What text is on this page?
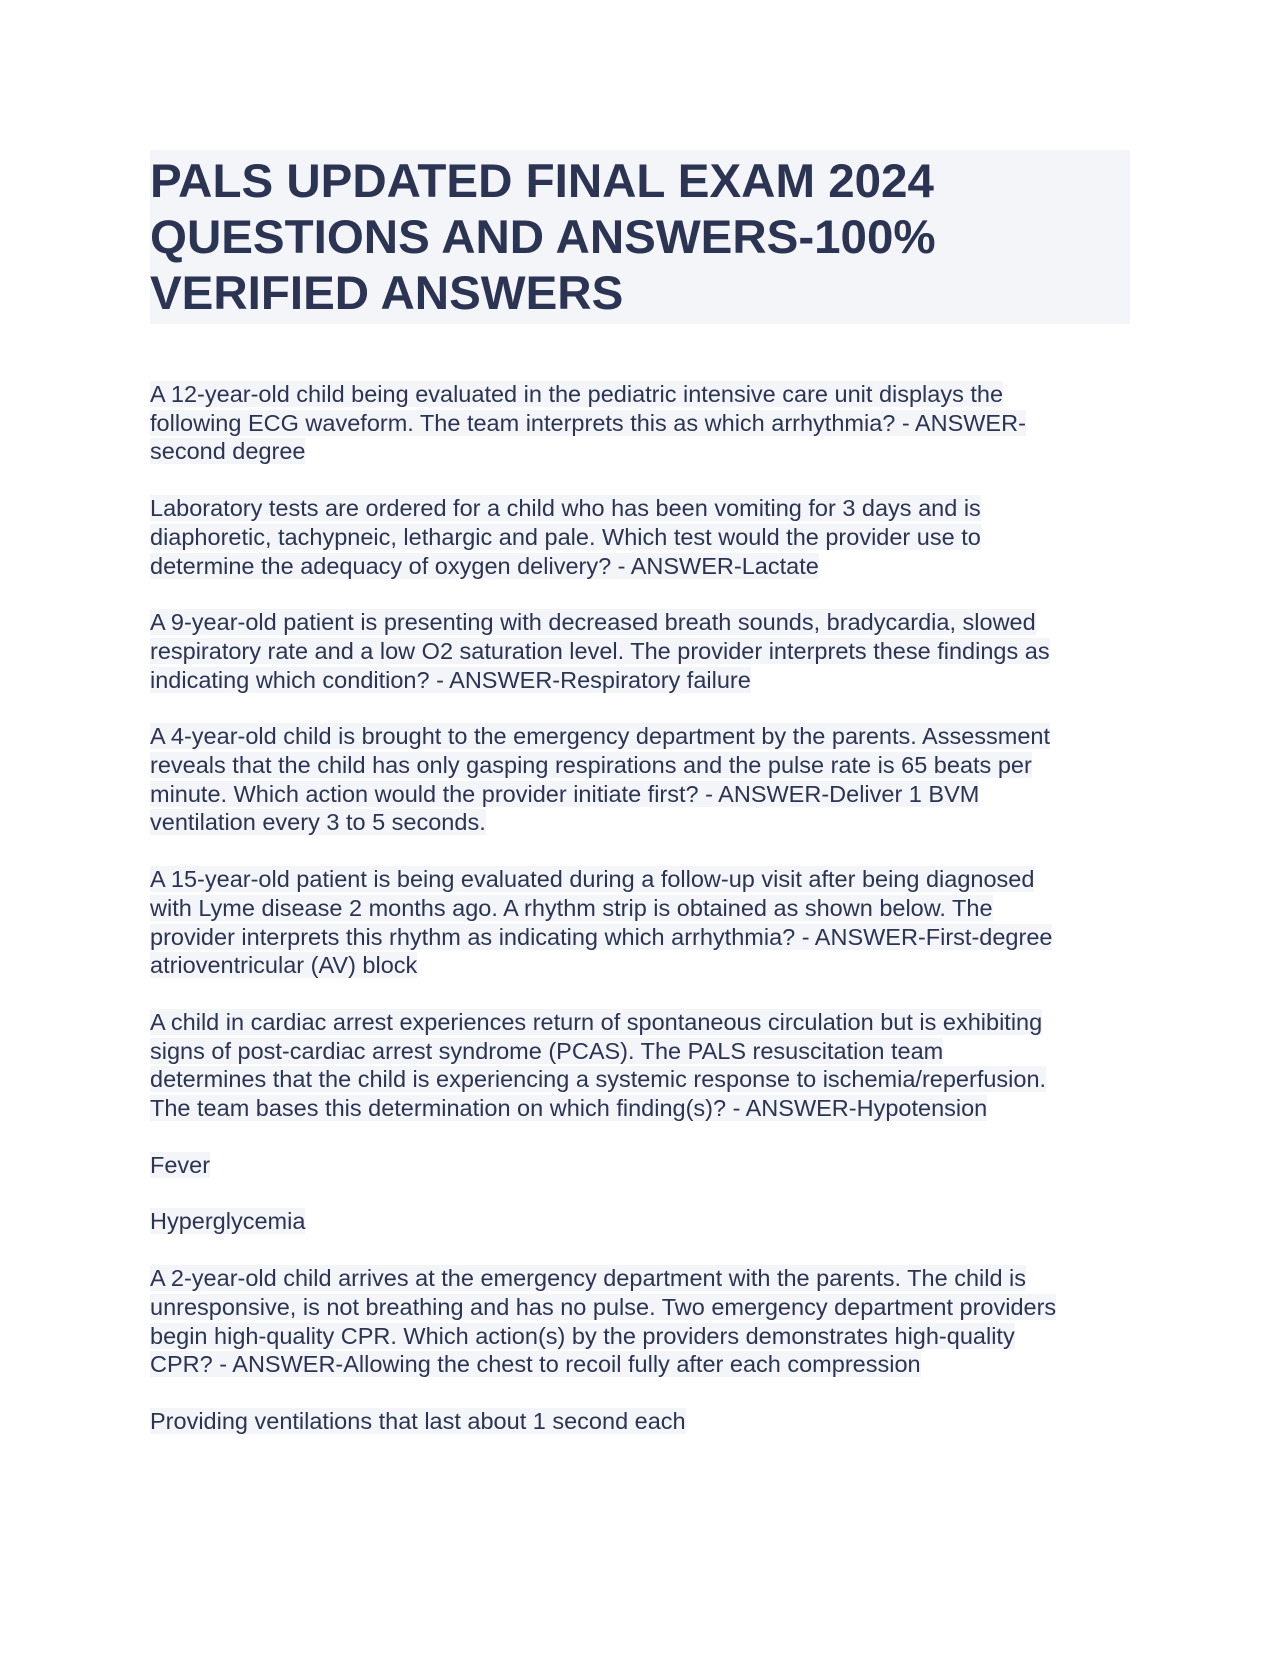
PALS UPDATED FINAL EXAM 2024
QUESTIONS AND ANSWERS-100%
VERIFIED ANSWERS

A 12-year-old child being evaluated in the pediatric intensive care unit displays the
following ECG waveform. The team interprets this as which arrhythmia? - ANSWER-
second degree

Laboratory tests are ordered for a child who has been vomiting for 3 days and is
diaphoretic, tachypneic, lethargic and pale. Which test would the provider use to
determine the adequacy of oxygen delivery? - ANSWER-Lactate

A 9-year-old patient is presenting with decreased breath sounds, bradycardia, slowed
respiratory rate and a low O2 saturation level. The provider interprets these findings as
indicating which condition? - ANSWER-Respiratory failure

A 4-year-old child is brought to the emergency department by the parents. Assessment
reveals that the child has only gasping respirations and the pulse rate is 65 beats per
minute. Which action would the provider initiate first? - ANSWER-Deliver 1 BVM
ventilation every 3 to 5 seconds.

A 15-year-old patient is being evaluated during a follow-up visit after being diagnosed
with Lyme disease 2 months ago. A rhythm strip is obtained as shown below. The
provider interprets this rhythm as indicating which arrhythmia? - ANSWER-First-degree
atrioventricular (AV) block

A child in cardiac arrest experiences return of spontaneous circulation but is exhibiting
signs of post-cardiac arrest syndrome (PCAS). The PALS resuscitation team
determines that the child is experiencing a systemic response to ischemia/reperfusion.
The team bases this determination on which finding(s)? - ANSWER-Hypotension

Fever

Hyperglycemia

A 2-year-old child arrives at the emergency department with the parents. The child is
unresponsive, is not breathing and has no pulse. Two emergency department providers
begin high-quality CPR. Which action(s) by the providers demonstrates high-quality
CPR? - ANSWER-Allowing the chest to recoil fully after each compression

Providing ventilations that last about 1 second each
